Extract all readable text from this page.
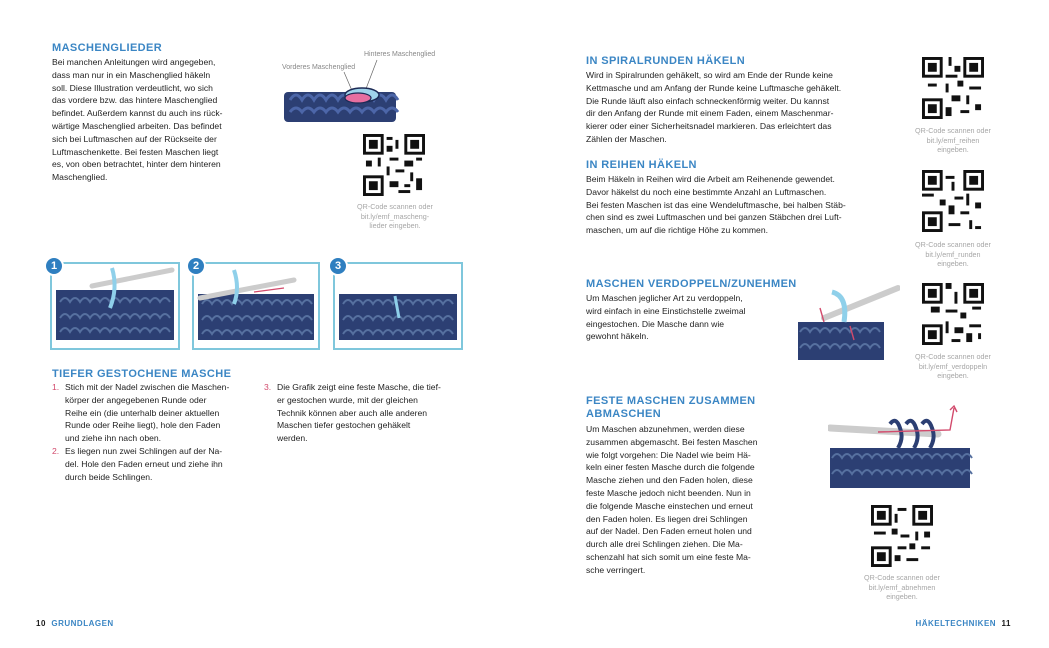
MASCHENGLIEDER
Bei manchen Anleitungen wird angegeben,
dass man nur in ein Maschenglied häkeln
soll. Diese Illustration verdeutlicht, wo sich
das vordere bzw. das hintere Maschenglied
befindet. Außerdem kannst du auch ins rück-
wärtige Maschenglied arbeiten. Das befindet
sich bei Luftmaschen auf der Rückseite der
Luftmaschenkette. Bei festen Maschen liegt
es, von oben betrachtet, hinter dem hinteren
Maschenglied.
Hinteres Maschenglied
Vorderes Maschenglied
QR-Code scannen oder
bit.ly/emf_mascheng-
lieder eingeben.
1	2	3
TIEFER GESTOCHENE MASCHE
1. Stich mit der Nadel zwischen die Maschen-
körper der angegebenen Runde oder
Reihe ein (die unterhalb deiner aktuellen
Runde oder Reihe liegt), hole den Faden
und ziehe ihn nach oben.
2. Es liegen nun zwei Schlingen auf der Na-
del. Hole den Faden erneut und ziehe ihn
durch beide Schlingen.
3. Die Grafik zeigt eine feste Masche, die tief-
er gestochen wurde, mit der gleichen
Technik können aber auch alle anderen
Maschen tiefer gestochen gehäkelt
werden.
10 GRUNDLAGEN
IN SPIRALRUNDEN HÄKELN
Wird in Spiralrunden gehäkelt, so wird am Ende der Runde keine
Kettmasche und am Anfang der Runde keine Luftmasche gehäkelt.
Die Runde läuft also einfach schneckenförmig weiter. Du kannst
dir den Anfang der Runde mit einem Faden, einem Maschenmar-
kierer oder einer Sicherheitsnadel markieren. Das erleichtert das
Zählen der Maschen.
QR-Code scannen oder
bit.ly/emf_reihen
eingeben.
IN REIHEN HÄKELN
Beim Häkeln in Reihen wird die Arbeit am Reihenende gewendet.
Davor häkelst du noch eine bestimmte Anzahl an Luftmaschen.
Bei festen Maschen ist das eine Wendeluftmasche, bei halben Stäb-
chen sind es zwei Luftmaschen und bei ganzen Stäbchen drei Luft-
maschen, um auf die richtige Höhe zu kommen.
QR-Code scannen oder
bit.ly/emf_runden
eingeben.
MASCHEN VERDOPPELN/ZUNEHMEN
Um Maschen jeglicher Art zu verdoppeln,
wird einfach in eine Einstichstelle zweimal
eingestochen. Die Masche dann wie
gewohnt häkeln.
QR-Code scannen oder
bit.ly/emf_verdoppeln
eingeben.
FESTE MASCHEN ZUSAMMEN
ABMASCHEN
Um Maschen abzunehmen, werden diese
zusammen abgemascht. Bei festen Maschen
wie folgt vorgehen: Die Nadel wie beim Hä-
keln einer festen Masche durch die folgende
Masche ziehen und den Faden holen, diese
feste Masche jedoch nicht beenden. Nun in
die folgende Masche einstechen und erneut
den Faden holen. Es liegen drei Schlingen
auf der Nadel. Den Faden erneut holen und
durch alle drei Schlingen ziehen. Die Ma-
schenzahl hat sich somit um eine feste Ma-
sche verringert.
QR-Code scannen oder
bit.ly/emf_abnehmen
eingeben.
HÄKELTECHNIKEN 11
